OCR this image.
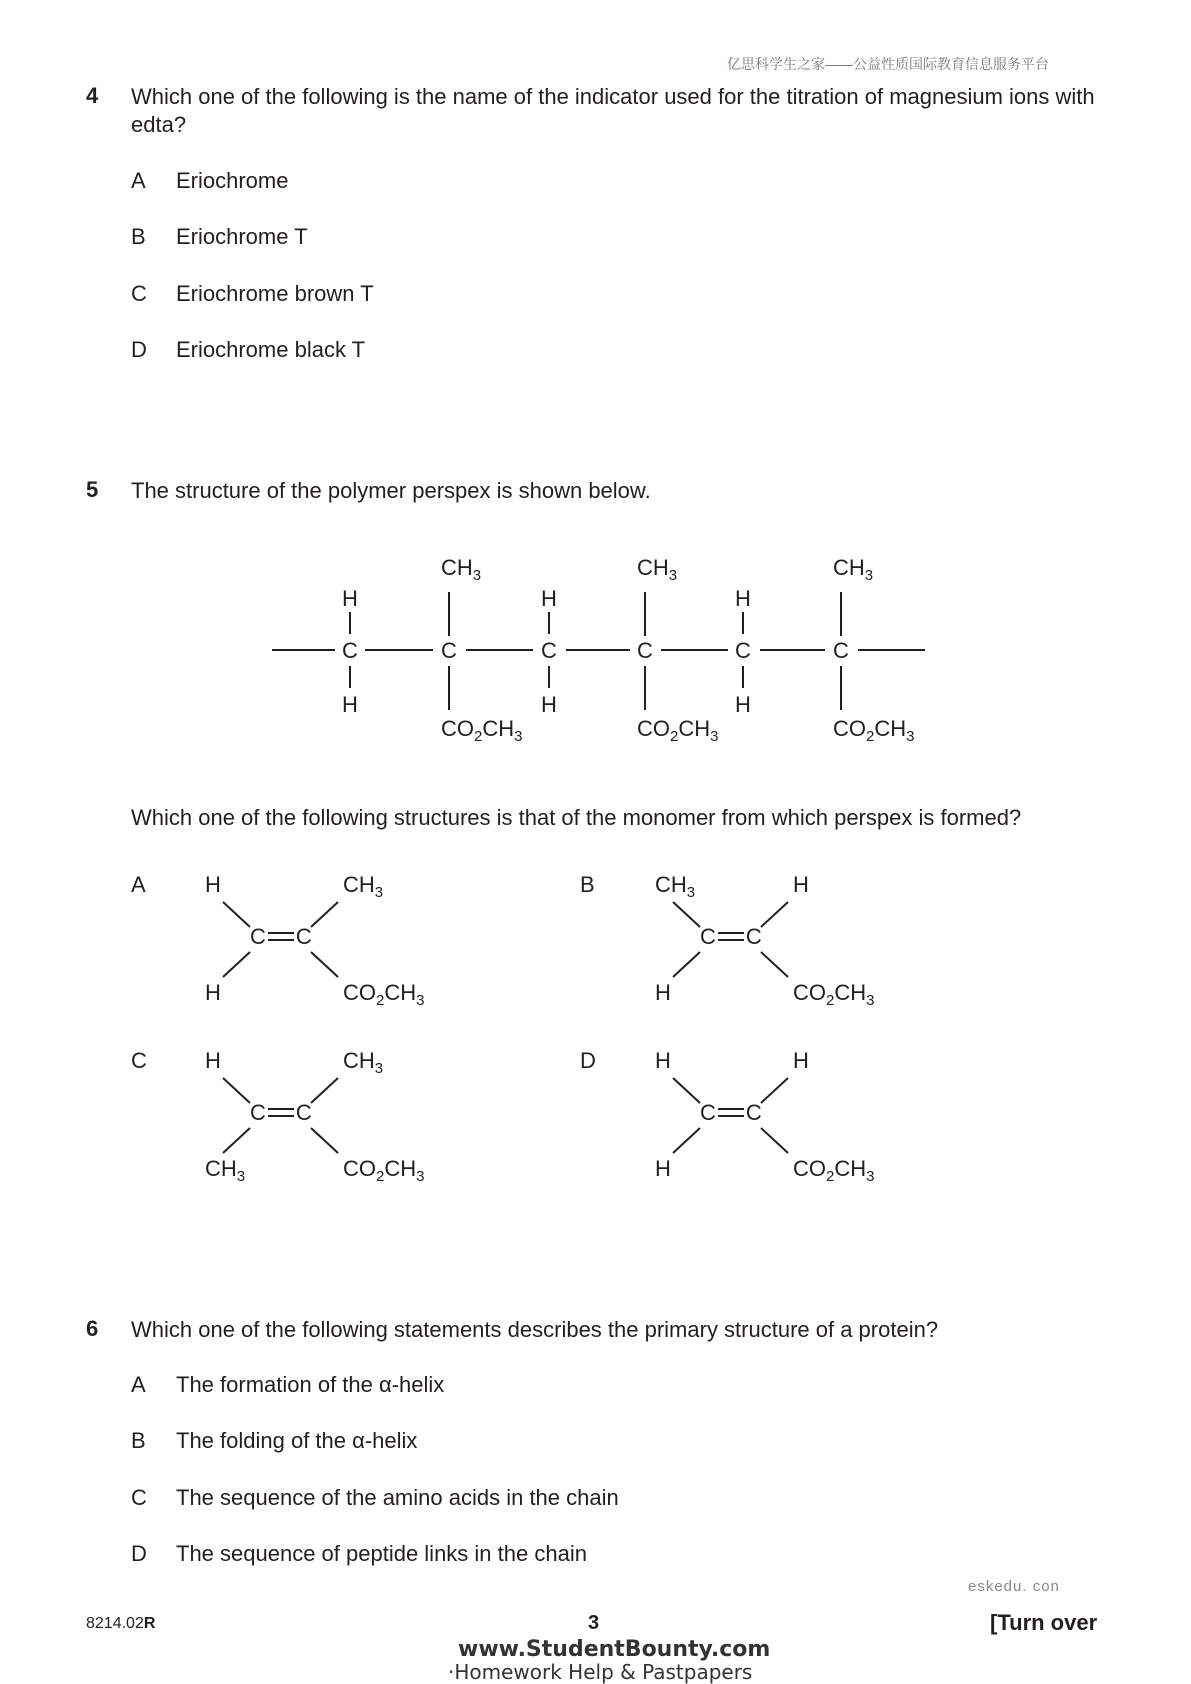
亿思科学生之家——公益性质国际教育信息服务平台
4 Which one of the following is the name of the indicator used for the titration of magnesium ions with edta?
A Eriochrome
B Eriochrome T
C Eriochrome brown T
D Eriochrome black T
5 The structure of the polymer perspex is shown below.
H
C
H
$CH_3$
C
$CO_2CH_3$
H
C
H
$CH_3$
C
$CO_2CH_3$
H
C
H
$CH_3$
C
$CO_2CH_3$
Which one of the following structures is that of the monomer from which perspex is formed?
A	H	$CH_3$
H	$CO_2CH_3$
C C
B	$CH_3$	H
H	$CO_2CH_3$
C C
C	H	$CH_3$
$CH_3$	$CO_2CH_3$
C C
D	H	H
H	$CO_2CH_3$
C C
6 Which one of the following statements describes the primary structure of a protein?
A The formation of the α-helix
B The folding of the α-helix
C The sequence of the amino acids in the chain
D The sequence of peptide links in the chain
eskedu. con
8214.02R	3	[Turn over
www.StudentBounty.com
·Homework Help & Pastpapers
